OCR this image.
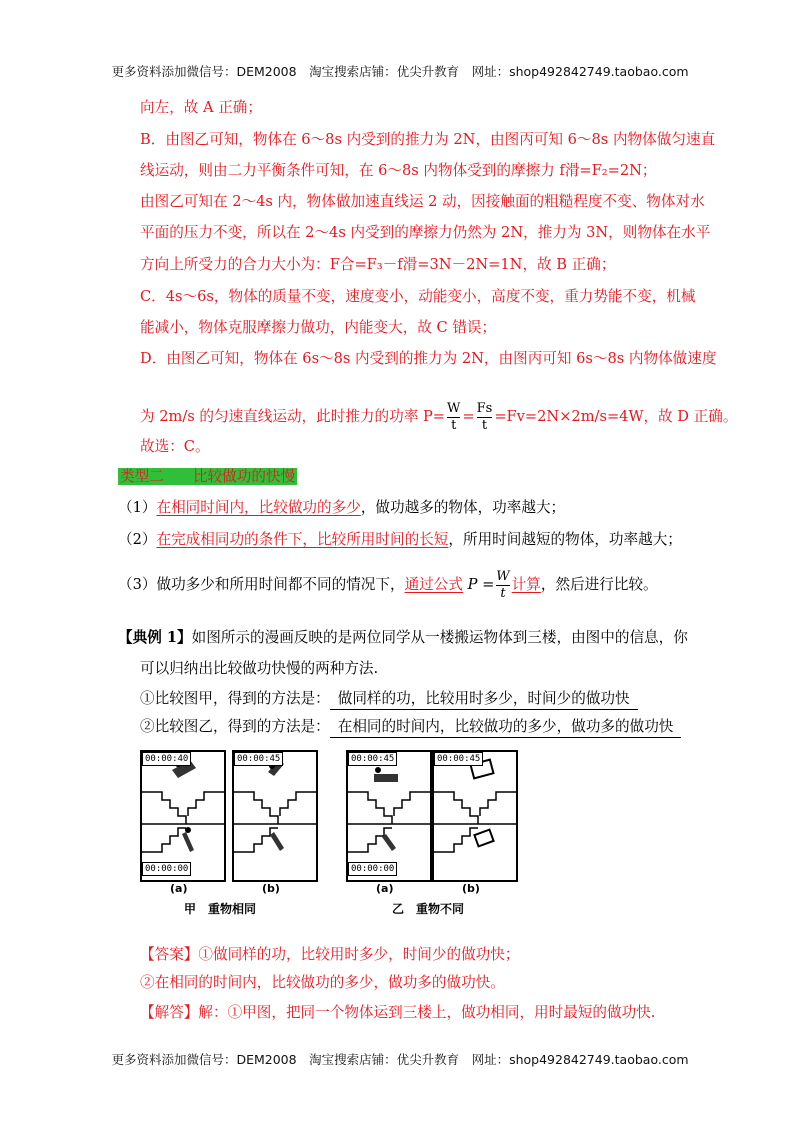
更多资料添加微信号：DEM2008　淘宝搜索店铺：优尖升教育　网址：shop492842749.taobao.com
向左，故 A 正确；
B．由图乙可知，物体在 6～8s 内受到的推力为 2N，由图丙可知 6～8s 内物体做匀速直
线运动，则由二力平衡条件可知，在 6～8s 内物体受到的摩擦力 f滑=F₂=2N；
由图乙可知在 2～4s 内，物体做加速直线运 2 动，因接触面的粗糙程度不变、物体对水
平面的压力不变，所以在 2～4s 内受到的摩擦力仍然为 2N，推力为 3N，则物体在水平
方向上所受力的合力大小为：F合=F₃－f滑=3N－2N=1N，故 B 正确；
C．4s～6s，物体的质量不变，速度变小，动能变小，高度不变，重力势能不变，机械
能减小，物体克服摩擦力做功，内能变大，故 C 错误；
D．由图乙可知，物体在 6s～8s 内受到的推力为 2N，由图丙可知 6s～8s 内物体做速度
为 2m/s 的匀速直线运动，此时推力的功率 $P= \frac{W}{t} = \frac{Fs}{t} =Fv=2N\times 2m/s=4W$，故 D 正确。
故选：C。
类型二　　比较做功的快慢
（1）在相同时间内，比较做功的多少，做功越多的物体，功率越大；
（2）在完成相同功的条件下，比较所用时间的长短，所用时间越短的物体，功率越大；
（3）做功多少和所用时间都不同的情况下，通过公式 $P = \frac{W}{t}$ 计算，然后进行比较。
【典例 1】如图所示的漫画反映的是两位同学从一楼搬运物体到三楼，由图中的信息，你
可以归纳出比较做功快慢的两种方法.
①比较图甲，得到的方法是： 做同样的功，比较用时多少，时间少的做功快
②比较图乙，得到的方法是： 在相同的时间内，比较做功的多少，做功多的做功快
00:00:40
00:00:00
(a)
00:00:45
(b)
00:00:45
00:00:00
(a)
00:00:45
(b)
甲　重物相同	乙　重物不同
【答案】①做同样的功，比较用时多少，时间少的做功快；
②在相同的时间内，比较做功的多少，做功多的做功快。
【解答】解：①甲图，把同一个物体运到三楼上，做功相同，用时最短的做功快.
更多资料添加微信号：DEM2008　淘宝搜索店铺：优尖升教育　网址：shop492842749.taobao.com
